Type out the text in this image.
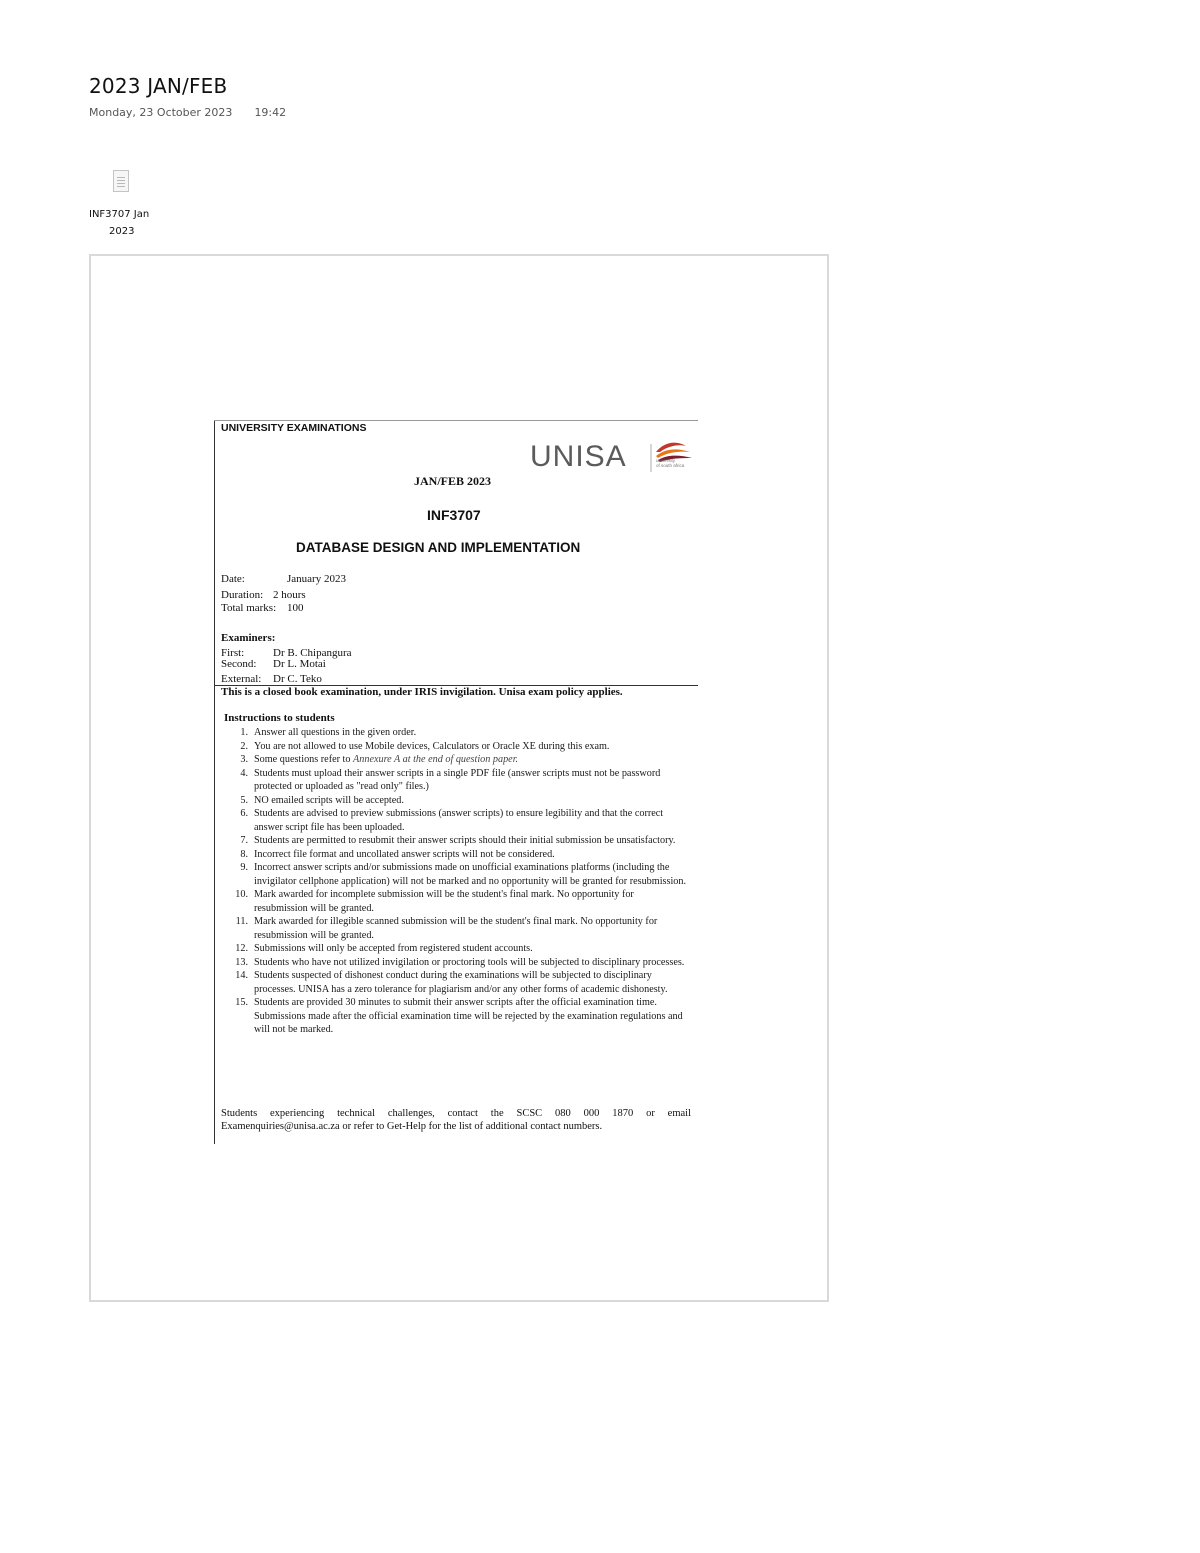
2023 JAN/FEB
Monday, 23 October 2023 19:42
INF3707 Jan
2023
UNIVERSITY EXAMINATIONS
UNISA	university
of south africa
JAN/FEB 2023
INF3707
DATABASE DESIGN AND IMPLEMENTATION
Date:	January 2023
Duration: 2 hours
Total marks: 100
Examiners:
First:	Dr B. Chipangura
Second: Dr L. Motai
External: Dr C. Teko
This is a closed book examination, under IRIS invigilation. Unisa exam policy applies.
Instructions to students
1. Answer all questions in the given order.
2. You are not allowed to use Mobile devices, Calculators or Oracle XE during this exam.
3. Some questions refer to Annexure A at the end of question paper.
4. Students must upload their answer scripts in a single PDF file (answer scripts must not be password protected or uploaded as "read only" files.)
5. NO emailed scripts will be accepted.
6. Students are advised to preview submissions (answer scripts) to ensure legibility and that the correct answer script file has been uploaded.
7. Students are permitted to resubmit their answer scripts should their initial submission be unsatisfactory.
8. Incorrect file format and uncollated answer scripts will not be considered.
9. Incorrect answer scripts and/or submissions made on unofficial examinations platforms (including the invigilator cellphone application) will not be marked and no opportunity will be granted for resubmission.
10. Mark awarded for incomplete submission will be the student's final mark. No opportunity for resubmission will be granted.
11. Mark awarded for illegible scanned submission will be the student's final mark. No opportunity for resubmission will be granted.
12. Submissions will only be accepted from registered student accounts.
13. Students who have not utilized invigilation or proctoring tools will be subjected to disciplinary processes.
14. Students suspected of dishonest conduct during the examinations will be subjected to disciplinary processes. UNISA has a zero tolerance for plagiarism and/or any other forms of academic dishonesty.
15. Students are provided 30 minutes to submit their answer scripts after the official examination time. Submissions made after the official examination time will be rejected by the examination regulations and will not be marked.
Students experiencing technical challenges, contact the SCSC 080 000 1870 or email Examenquiries@unisa.ac.za or refer to Get-Help for the list of additional contact numbers.
